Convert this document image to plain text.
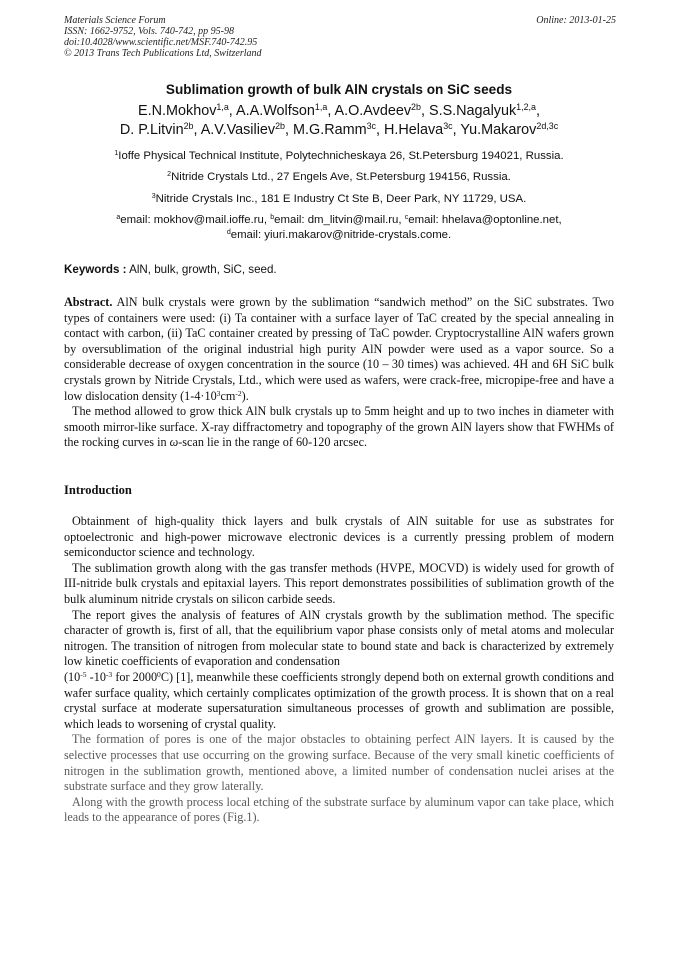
Materials Science Forum
ISSN: 1662-9752, Vols. 740-742, pp 95-98
doi:10.4028/www.scientific.net/MSF.740-742.95
© 2013 Trans Tech Publications Ltd, Switzerland
Online: 2013-01-25
Sublimation growth of bulk AlN crystals on SiC seeds
E.N.Mokhov$^{1,a}$, A.A.Wolfson$^{1,a}$, A.O.Avdeev$^{2b}$, S.S.Nagalyuk$^{1,2,a}$,
D. P.Litvin$^{2b}$, A.V.Vasiliev$^{2b}$, M.G.Ramm$^{3c}$, H.Helava$^{3c}$, Yu.Makarov$^{2d,3c}$
$^1$Ioffe Physical Technical Institute, Polytechnicheskaya 26, St.Petersburg 194021, Russia.
$^2$Nitride Crystals Ltd., 27 Engels Ave, St.Petersburg 194156, Russia.
$^3$Nitride Crystals Inc., 181 E Industry Ct Ste B, Deer Park, NY 11729, USA.
$^a$email: mokhov@mail.ioffe.ru, $^b$email: dm_litvin@mail.ru, $^c$email: hhelava@optonline.net,
$^d$email: yiuri.makarov@nitride-crystals.come.
Keywords : AlN, bulk, growth, SiC, seed.

Abstract. AlN bulk crystals were grown by the sublimation “sandwich method” on the SiC substrates. Two types of containers were used: (i) Ta container with a surface layer of TaC created by the special annealing in contact with carbon, (ii) TaC container created by pressing of TaC powder. Cryptocrystalline AlN wafers grown by oversublimation of the original industrial high purity AlN powder were used as a vapor source. So a considerable decrease of oxygen concentration in the source (10 – 30 times) was achieved. 4H and 6H SiC bulk crystals grown by Nitride Crystals, Ltd., which were used as wafers, were crack-free, micropipe-free and have a low dislocation density $(1-4\cdot 10^3cm^{-2})$.

The method allowed to grow thick AlN bulk crystals up to 5mm height and up to two inches in diameter with smooth mirror-like surface. X-ray diffractometry and topography of the grown AlN layers show that FWHMs of the rocking curves in ω-scan lie in the range of 60-120 arcsec.

Introduction

Obtainment of high-quality thick layers and bulk crystals of AlN suitable for use as substrates for optoelectronic and high-power microwave electronic devices is a currently pressing problem of modern semiconductor science and technology.

The sublimation growth along with the gas transfer methods (HVPE, MOCVD) is widely used for growth of III-nitride bulk crystals and epitaxial layers. This report demonstrates possibilities of sublimation growth of the bulk aluminum nitride crystals on silicon carbide seeds.

The report gives the analysis of features of AlN crystals growth by the sublimation method. The specific character of growth is, first of all, that the equilibrium vapor phase consists only of metal atoms and molecular nitrogen. The transition of nitrogen from molecular state to bound state and back is characterized by extremely low kinetic coefficients of evaporation and condensation

($10^{-5}$ $-10^{-3}$ for 2000$^0$C) [1], meanwhile these coefficients strongly depend both on external growth conditions and wafer surface quality, which certainly complicates optimization of the growth process. It is shown that on a real crystal surface at moderate supersaturation simultaneous processes of growth and sublimation are possible, which leads to worsening of crystal quality.

The formation of pores is one of the major obstacles to obtaining perfect AlN layers. It is caused by the selective processes that use occurring on the growing surface. Because of the very small kinetic coefficients of nitrogen in the sublimation growth, mentioned above, a limited number of condensation nuclei arises at the substrate surface and they grow laterally.

Along with the growth process local etching of the substrate surface by aluminum vapor can take place, which leads to the appearance of pores (Fig.1).
